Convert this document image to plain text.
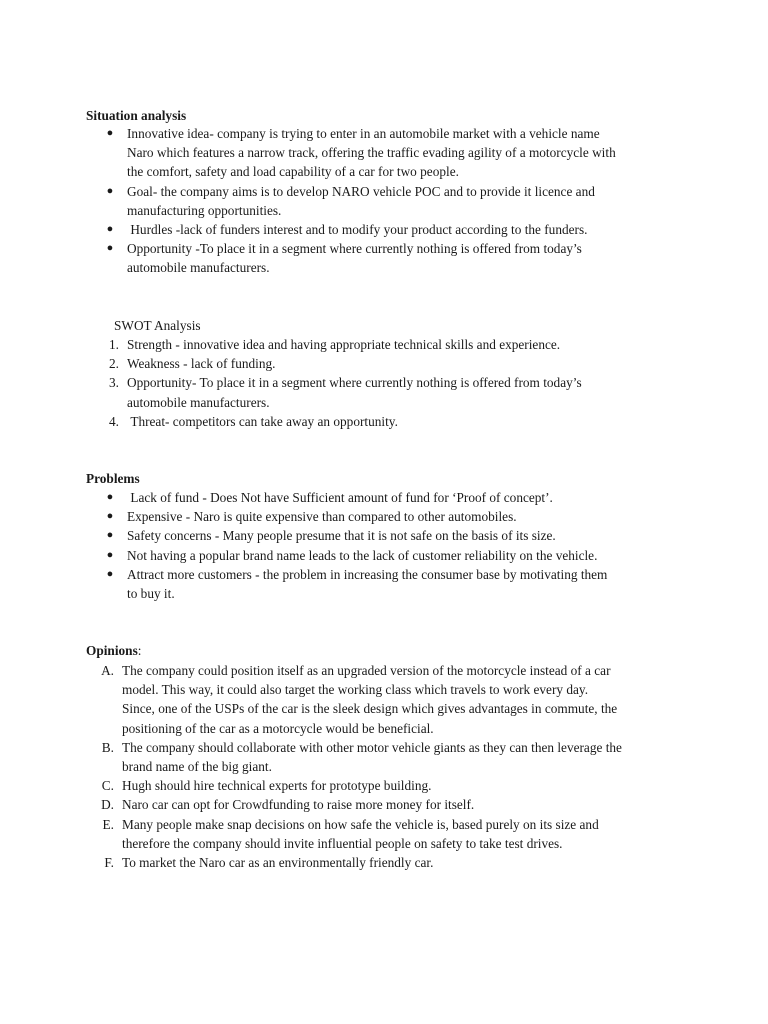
Situation analysis
●	Innovative idea- company is trying to enter in an automobile market with a vehicle name Naro which features a narrow track, offering the traffic evading agility of a motorcycle with the comfort, safety and load capability of a car for two people.
●	Goal- the company aims is to develop NARO vehicle POC and to provide it licence and manufacturing opportunities.
●	Hurdles -lack of funders interest and to modify your product according to the funders.
●	Opportunity -To place it in a segment where currently nothing is offered from today’s automobile manufacturers.
SWOT Analysis
1. Strength - innovative idea and having appropriate technical skills and experience.
2. Weakness - lack of funding.
3. Opportunity- To place it in a segment where currently nothing is offered from today’s automobile manufacturers.
4. Threat- competitors can take away an opportunity.
Problems
●	Lack of fund - Does Not have Sufficient amount of fund for ‘Proof of concept’.
●	Expensive - Naro is quite expensive than compared to other automobiles.
●	Safety concerns - Many people presume that it is not safe on the basis of its size.
●	Not having a popular brand name leads to the lack of customer reliability on the vehicle.
●	Attract more customers - the problem in increasing the consumer base by motivating them to buy it.
Opinions:
A. The company could position itself as an upgraded version of the motorcycle instead of a car model. This way, it could also target the working class which travels to work every day. Since, one of the USPs of the car is the sleek design which gives advantages in commute, the positioning of the car as a motorcycle would be beneficial.
B. The company should collaborate with other motor vehicle giants as they can then leverage the brand name of the big giant.
C. Hugh should hire technical experts for prototype building.
D. Naro car can opt for Crowdfunding to raise more money for itself.
E. Many people make snap decisions on how safe the vehicle is, based purely on its size and therefore the company should invite influential people on safety to take test drives.
F. To market the Naro car as an environmentally friendly car.
